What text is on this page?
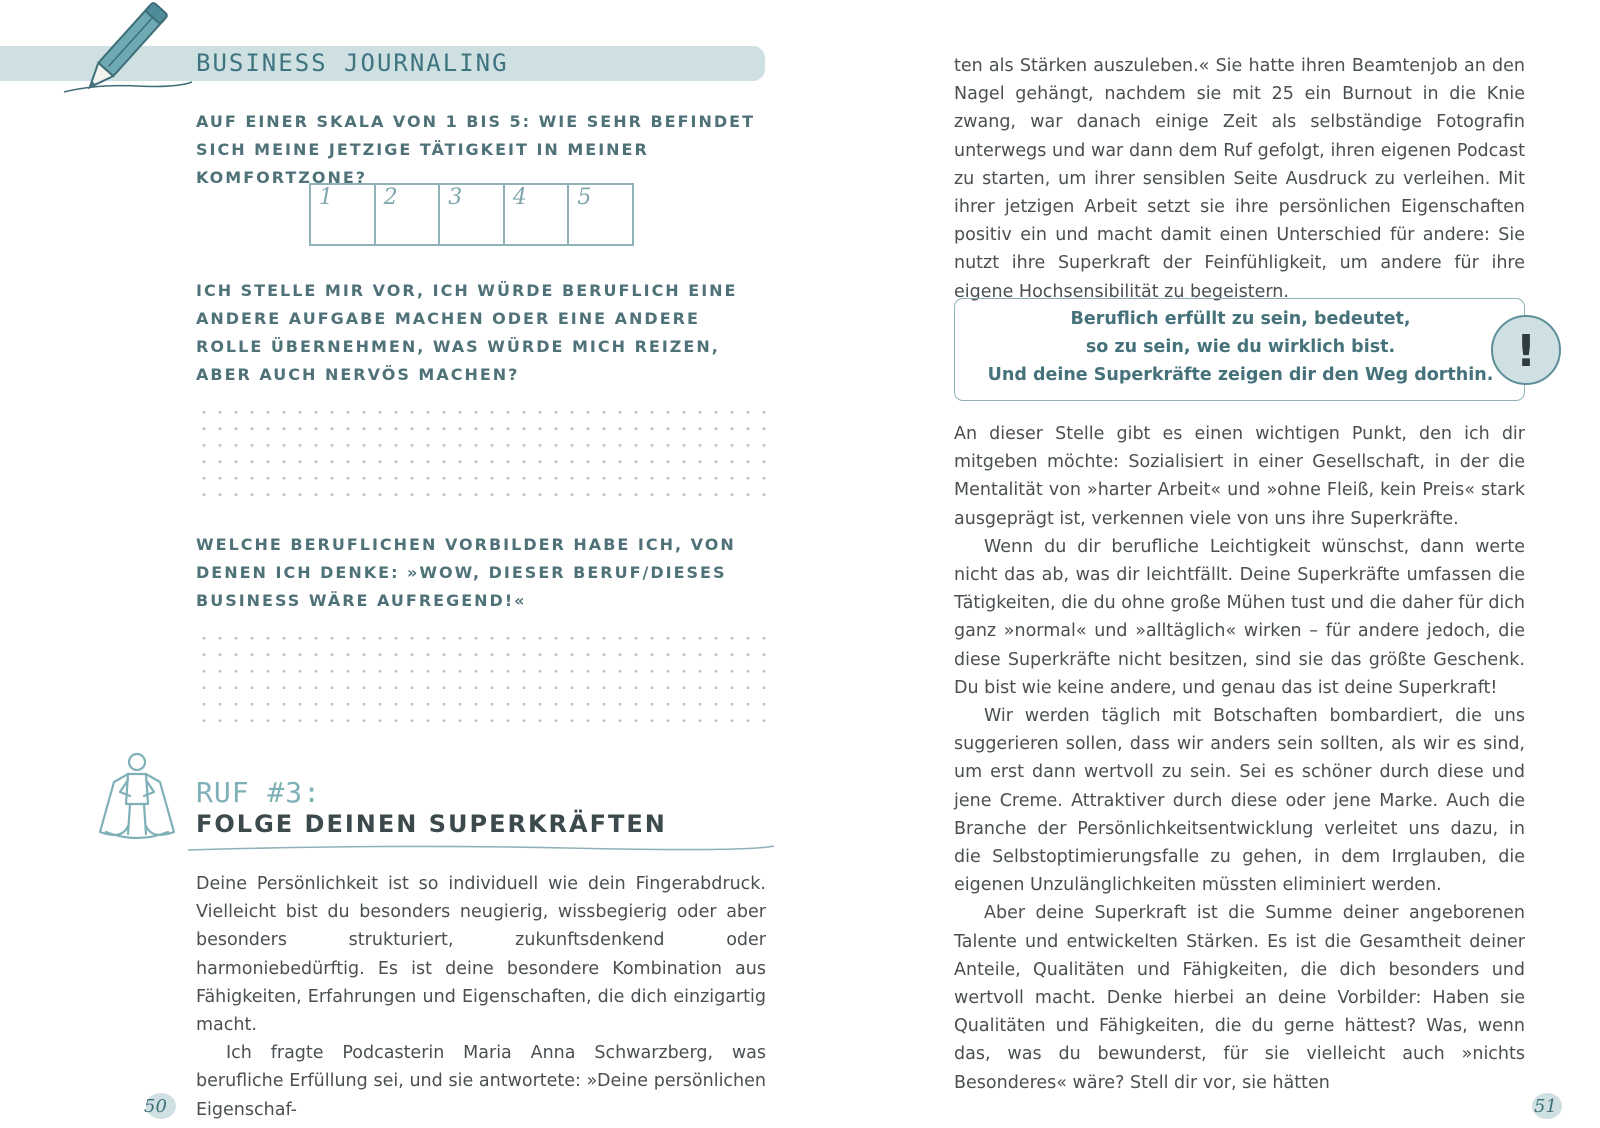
BUSINESS JOURNALING

AUF EINER SKALA VON 1 BIS 5: WIE SEHR BEFINDET SICH MEINE JETZIGE TÄTIGKEIT IN MEINER KOMFORTZONE?

1 2 3 4 5

ICH STELLE MIR VOR, ICH WÜRDE BERUFLICH EINE ANDERE AUFGABE MACHEN ODER EINE ANDERE ROLLE ÜBERNEHMEN, WAS WÜRDE MICH REIZEN, ABER AUCH NERVÖS MACHEN?

WELCHE BERUFLICHEN VORBILDER HABE ICH, VON DENEN ICH DENKE: »WOW, DIESER BERUF/DIESES BUSINESS WÄRE AUFREGEND!«

RUF #3:
FOLGE DEINEN SUPERKRÄFTEN
Deine Persönlichkeit ist so individuell wie dein Fingerabdruck. Vielleicht bist du besonders neugierig, wissbegierig oder aber besonders strukturiert, zukunftsdenkend oder harmoniebedürftig. Es ist deine besondere Kombination aus Fähigkeiten, Erfahrungen und Eigenschaften, die dich einzigartig macht.
Ich fragte Podcasterin Maria Anna Schwarzberg, was berufliche Erfüllung sei, und sie antwortete: »Deine persönlichen Eigenschaf-
50

ten als Stärken auszuleben.« Sie hatte ihren Beamtenjob an den Nagel gehängt, nachdem sie mit 25 ein Burnout in die Knie zwang, war danach einige Zeit als selbständige Fotografin unterwegs und war dann dem Ruf gefolgt, ihren eigenen Podcast zu starten, um ihrer sensiblen Seite Ausdruck zu verleihen. Mit ihrer jetzigen Arbeit setzt sie ihre persönlichen Eigenschaften positiv ein und macht damit einen Unterschied für andere: Sie nutzt ihre Superkraft der Feinfühligkeit, um andere für ihre eigene Hochsensibilität zu begeistern.

Beruflich erfüllt zu sein, bedeutet,

so zu sein, wie du wirklich bist.

Und deine Superkräfte zeigen dir den Weg dorthin. !
An dieser Stelle gibt es einen wichtigen Punkt, den ich dir mitgeben möchte: Sozialisiert in einer Gesellschaft, in der die Mentalität von »harter Arbeit« und »ohne Fleiß, kein Preis« stark ausgeprägt ist, verkennen viele von uns ihre Superkräfte.
Wenn du dir berufliche Leichtigkeit wünschst, dann werte nicht das ab, was dir leichtfällt. Deine Superkräfte umfassen die Tätigkeiten, die du ohne große Mühen tust und die daher für dich ganz »normal« und »alltäglich« wirken – für andere jedoch, die diese Superkräfte nicht besitzen, sind sie das größte Geschenk. Du bist wie keine andere, und genau das ist deine Superkraft!
Wir werden täglich mit Botschaften bombardiert, die uns suggerieren sollen, dass wir anders sein sollten, als wir es sind, um erst dann wertvoll zu sein. Sei es schöner durch diese und jene Creme. Attraktiver durch diese oder jene Marke. Auch die Branche der Persönlichkeitsentwicklung verleitet uns dazu, in die Selbstoptimierungsfalle zu gehen, in dem Irrglauben, die eigenen Unzulänglichkeiten müssten eliminiert werden.
Aber deine Superkraft ist die Summe deiner angeborenen Talente und entwickelten Stärken. Es ist die Gesamtheit deiner Anteile, Qualitäten und Fähigkeiten, die dich besonders und wertvoll macht. Denke hierbei an deine Vorbilder: Haben sie Qualitäten und Fähigkeiten, die du gerne hättest? Was, wenn das, was du bewunderst, für sie vielleicht auch »nichts Besonderes« wäre? Stell dir vor, sie hätten
51
